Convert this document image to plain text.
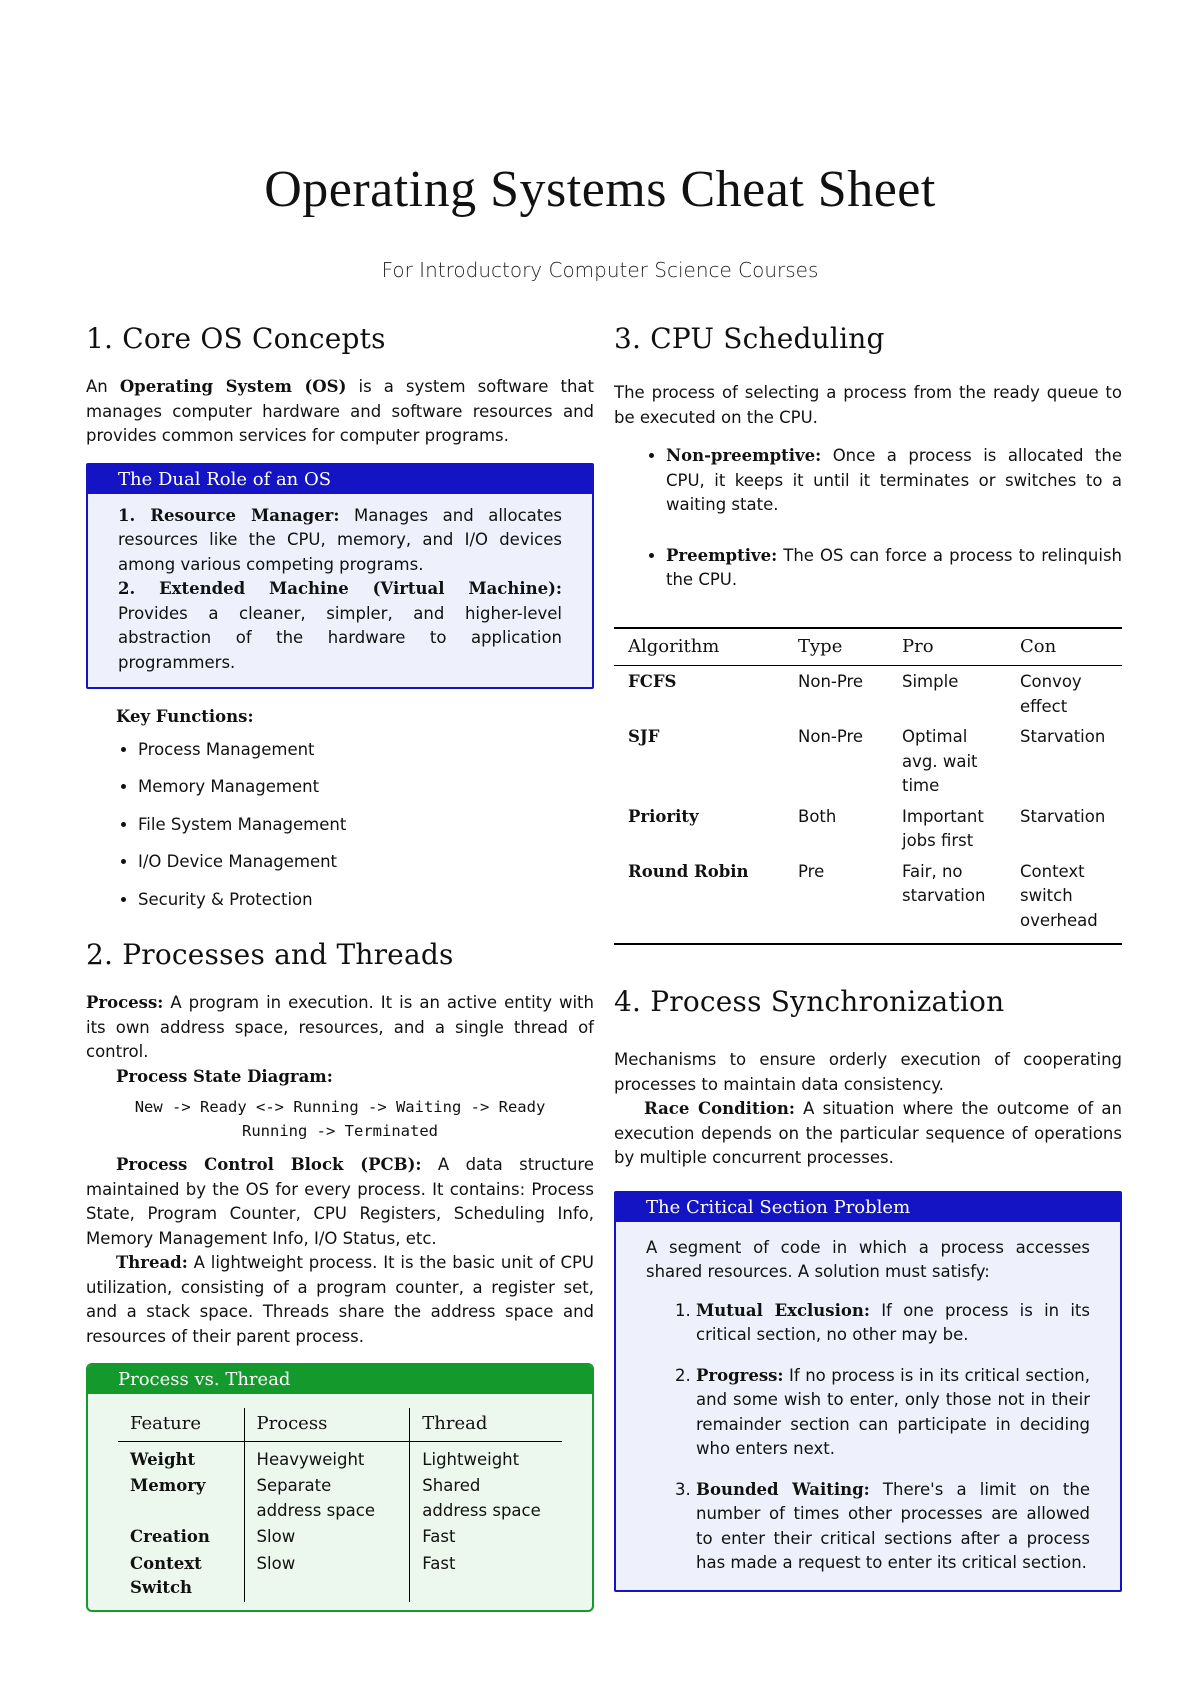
Operating Systems Cheat Sheet
For Introductory Computer Science Courses
1. Core OS Concepts

An Operating System (OS) is a system software that manages computer hardware and software resources and provides common services for computer programs.

The Dual Role of an OS

1. Resource Manager: Manages and allocates resources like the CPU, memory, and I/O devices among various competing programs.

2. Extended Machine (Virtual Machine): Provides a cleaner, simpler, and higher-level abstraction of the hardware to application programmers.

Key Functions:

• Process Management
• Memory Management
• File System Management
• I/O Device Management
• Security & Protection
2. Processes and Threads

Process: A program in execution. It is an active entity with its own address space, resources, and a single thread of control.

Process State Diagram:

New -> Ready <-> Running -> Waiting -> Ready
Running -> Terminated

Process Control Block (PCB): A data structure maintained by the OS for every process. It contains: Process State, Program Counter, CPU Registers, Scheduling Info, Memory Management Info, I/O Status, etc.

Thread: A lightweight process. It is the basic unit of CPU utilization, consisting of a program counter, a register set, and a stack space. Threads share the address space and resources of their parent process.

Process vs. Thread
Feature	Process	Thread
Weight	Heavyweight	Lightweight
Memory	Separate address space	Shared address space
Creation	Slow	Fast
Context Switch	Slow	Fast
3. CPU Scheduling

The process of selecting a process from the ready queue to be executed on the CPU.

• Non-preemptive: Once a process is allocated the CPU, it keeps it until it terminates or switches to a waiting state.
• Preemptive: The OS can force a process to relinquish the CPU.
Algorithm	Type	Pro	Con
FCFS	Non-Pre	Simple	Convoy effect
SJF	Non-Pre	Optimal avg. wait time	Starvation
Priority	Both	Important jobs first	Starvation
Round Robin	Pre	Fair, no starvation	Context switch overhead
4. Process Synchronization

Mechanisms to ensure orderly execution of cooperating processes to maintain data consistency.

Race Condition: A situation where the outcome of an execution depends on the particular sequence of operations by multiple concurrent processes.

The Critical Section Problem

A segment of code in which a process accesses shared resources. A solution must satisfy:

1. Mutual Exclusion: If one process is in its critical section, no other may be.
2. Progress: If no process is in its critical section, and some wish to enter, only those not in their remainder section can participate in deciding who enters next.
3. Bounded Waiting: There's a limit on the number of times other processes are allowed to enter their critical sections after a process has made a request to enter its critical section.
